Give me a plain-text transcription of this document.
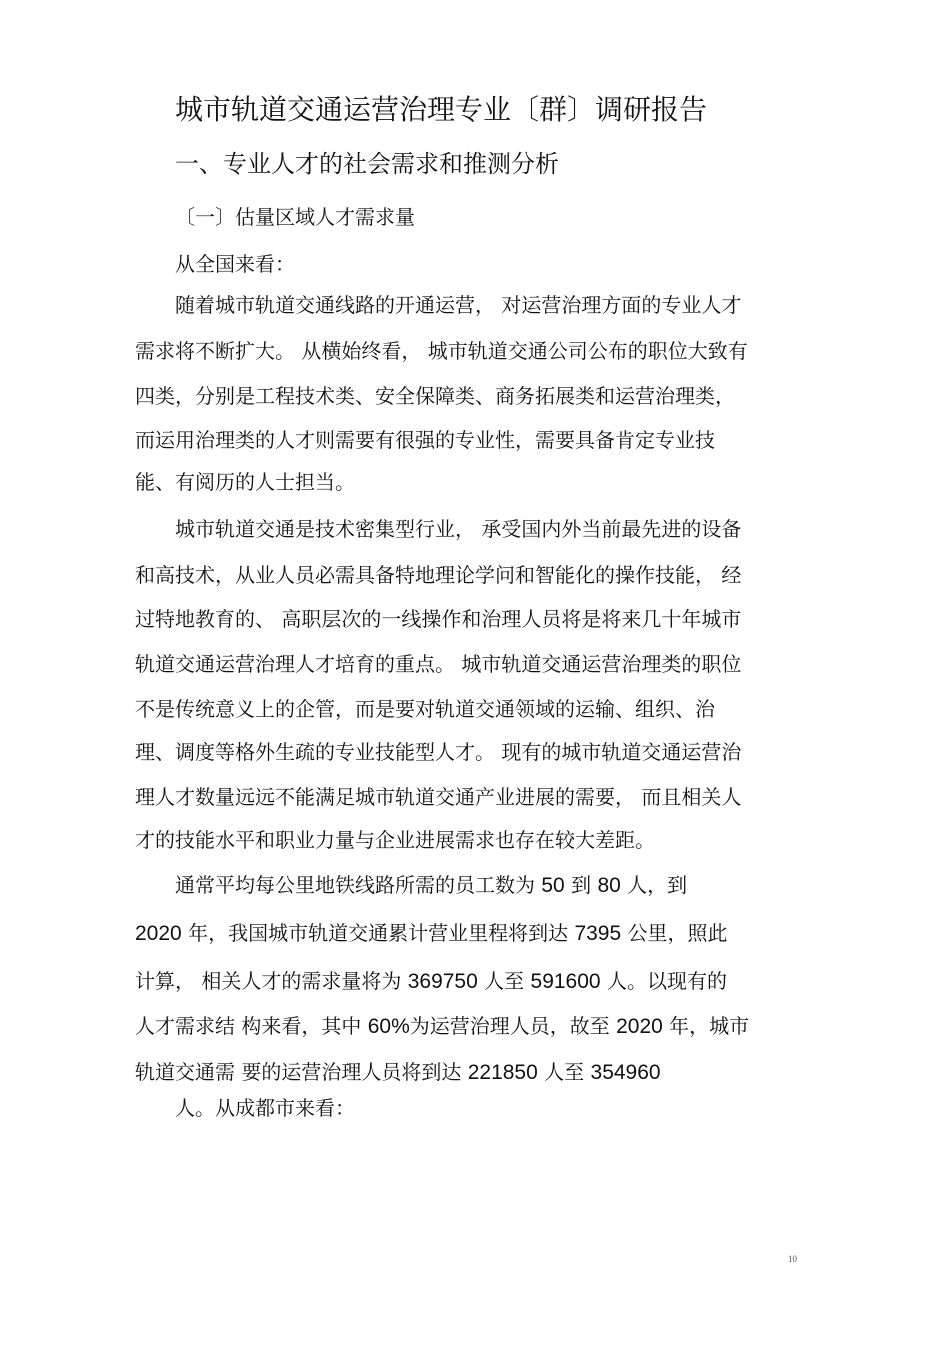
城市轨道交通运营治理专业〔群〕调研报告
一、专业人才的社会需求和推测分析
〔一〕估量区域人才需求量
从全国来看：
随着城市轨道交通线路的开通运营， 对运营治理方面的专业人才
需求将不断扩大。 从横始终看， 城市轨道交通公司公布的职位大致有
四类，分别是工程技术类、安全保障类、商务拓展类和运营治理类，
而运用治理类的人才则需要有很强的专业性，需要具备肯定专业技
能、有阅历的人士担当。
城市轨道交通是技术密集型行业， 承受国内外当前最先进的设备
和高技术，从业人员必需具备特地理论学问和智能化的操作技能， 经
过特地教育的、 高职层次的一线操作和治理人员将是将来几十年城市
轨道交通运营治理人才培育的重点。 城市轨道交通运营治理类的职位
不是传统意义上的企管，而是要对轨道交通领域的运输、组织、治
理、调度等格外生疏的专业技能型人才。 现有的城市轨道交通运营治
理人才数量远远不能满足城市轨道交通产业进展的需要， 而且相关人
才的技能水平和职业力量与企业进展需求也存在较大差距。
通常平均每公里地铁线路所需的员工数为 50 到 80 人，到
2020 年，我国城市轨道交通累计营业里程将到达 7395 公里，照此
计算， 相关人才的需求量将为 369750 人至 591600 人。以现有的
人才需求结 构来看，其中 60%为运营治理人员，故至 2020 年，城市
轨道交通需 要的运营治理人员将到达 221850 人至 354960
人。从成都市来看：
10
